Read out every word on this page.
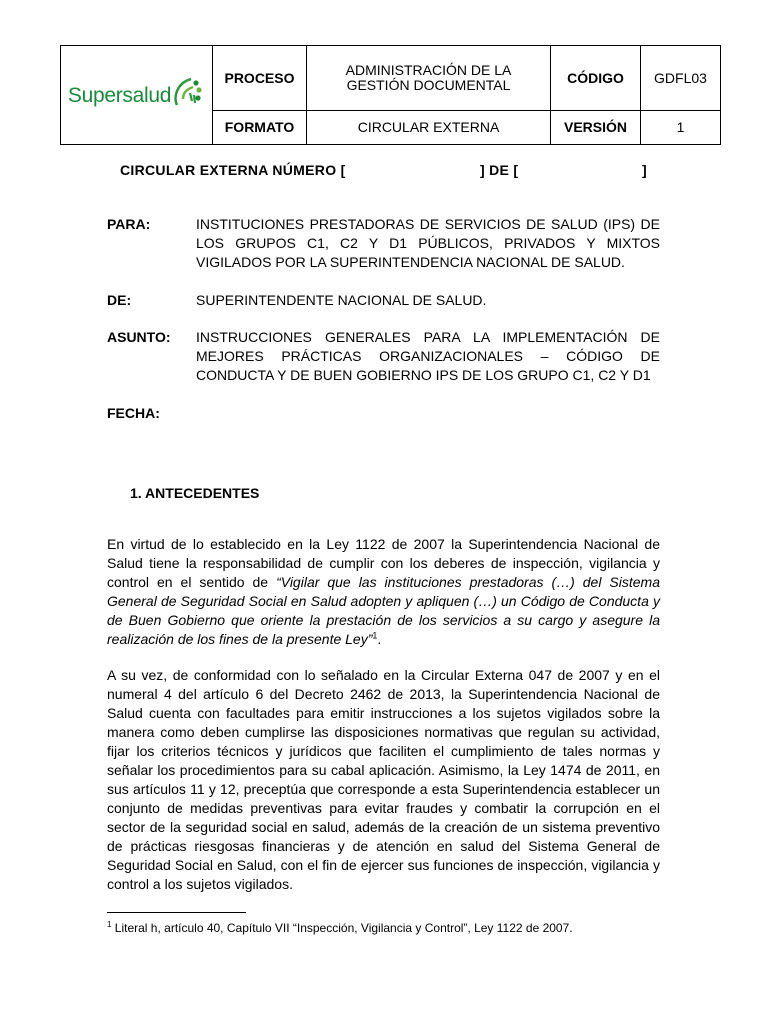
Supersalud	PROCESO	ADMINISTRACIÓN DE LA GESTIÓN DOCUMENTAL	CÓDIGO	GDFL03
	FORMATO	CIRCULAR EXTERNA	VERSIÓN	1
CIRCULAR EXTERNA NÚMERO [	] DE [	]
PARA:	INSTITUCIONES PRESTADORAS DE SERVICIOS DE SALUD (IPS) DE LOS GRUPOS C1, C2 Y D1 PÚBLICOS, PRIVADOS Y MIXTOS VIGILADOS POR LA SUPERINTENDENCIA NACIONAL DE SALUD.
DE:	SUPERINTENDENTE NACIONAL DE SALUD.
ASUNTO: INSTRUCCIONES GENERALES PARA LA IMPLEMENTACIÓN DE MEJORES PRÁCTICAS ORGANIZACIONALES – CÓDIGO DE CONDUCTA Y DE BUEN GOBIERNO IPS DE LOS GRUPO C1, C2 Y D1
FECHA:
1. ANTECEDENTES

En virtud de lo establecido en la Ley 1122 de 2007 la Superintendencia Nacional de Salud tiene la responsabilidad de cumplir con los deberes de inspección, vigilancia y control en el sentido de “Vigilar que las instituciones prestadoras (…) del Sistema General de Seguridad Social en Salud adopten y apliquen (…) un Código de Conducta y de Buen Gobierno que oriente la prestación de los servicios a su cargo y asegure la realización de los fines de la presente Ley”$^1$.

A su vez, de conformidad con lo señalado en la Circular Externa 047 de 2007 y en el numeral 4 del artículo 6 del Decreto 2462 de 2013, la Superintendencia Nacional de Salud cuenta con facultades para emitir instrucciones a los sujetos vigilados sobre la manera como deben cumplirse las disposiciones normativas que regulan su actividad, fijar los criterios técnicos y jurídicos que faciliten el cumplimiento de tales normas y señalar los procedimientos para su cabal aplicación. Asimismo, la Ley 1474 de 2011, en sus artículos 11 y 12, preceptúa que corresponde a esta Superintendencia establecer un conjunto de medidas preventivas para evitar fraudes y combatir la corrupción en el sector de la seguridad social en salud, además de la creación de un sistema preventivo de prácticas riesgosas financieras y de atención en salud del Sistema General de Seguridad Social en Salud, con el fin de ejercer sus funciones de inspección, vigilancia y control a los sujetos vigilados.

$^1$ Literal h, artículo 40, Capítulo VII “Inspección, Vigilancia y Control”, Ley 1122 de 2007.
